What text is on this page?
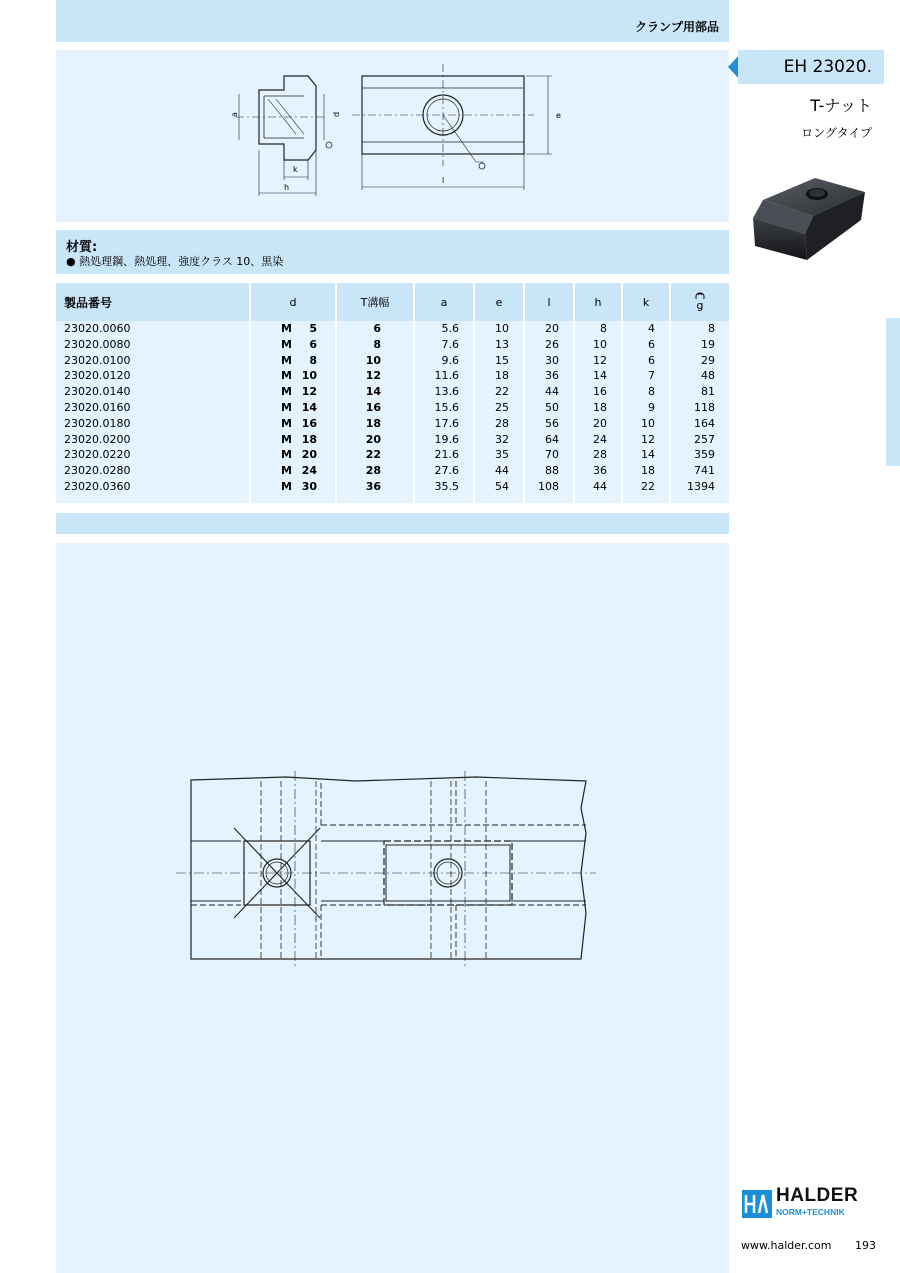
クランプ用部品
a	d
k
h
e
l
材質:
● 熱処理鋼、熱処理、強度クラス 10、黒染
製品番号	d	T溝幅	a	e	l	h	k	g
23020.0060	M 5	6	5.6	10	20	8	4	8
23020.0080	M 6	8	7.6	13	26	10	6	19
23020.0100	M 8	10	9.6	15	30	12	6	29
23020.0120	M 10	12	11.6	18	36	14	7	48
23020.0140	M 12	14	13.6	22	44	16	8	81
23020.0160	M 14	16	15.6	25	50	18	9	118
23020.0180	M 16	18	17.6	28	56	20	10	164
23020.0200	M 18	20	19.6	32	64	24	12	257
23020.0220	M 20	22	21.6	35	70	28	14	359
23020.0280	M 24	28	27.6	44	88	36	18	741
23020.0360	M 30	36	35.5	54	108	44	22	1394

EH 23020.
T-ナット
ロングタイプ
HALDER
NORM+TECHNIK
www.halder.com 193
